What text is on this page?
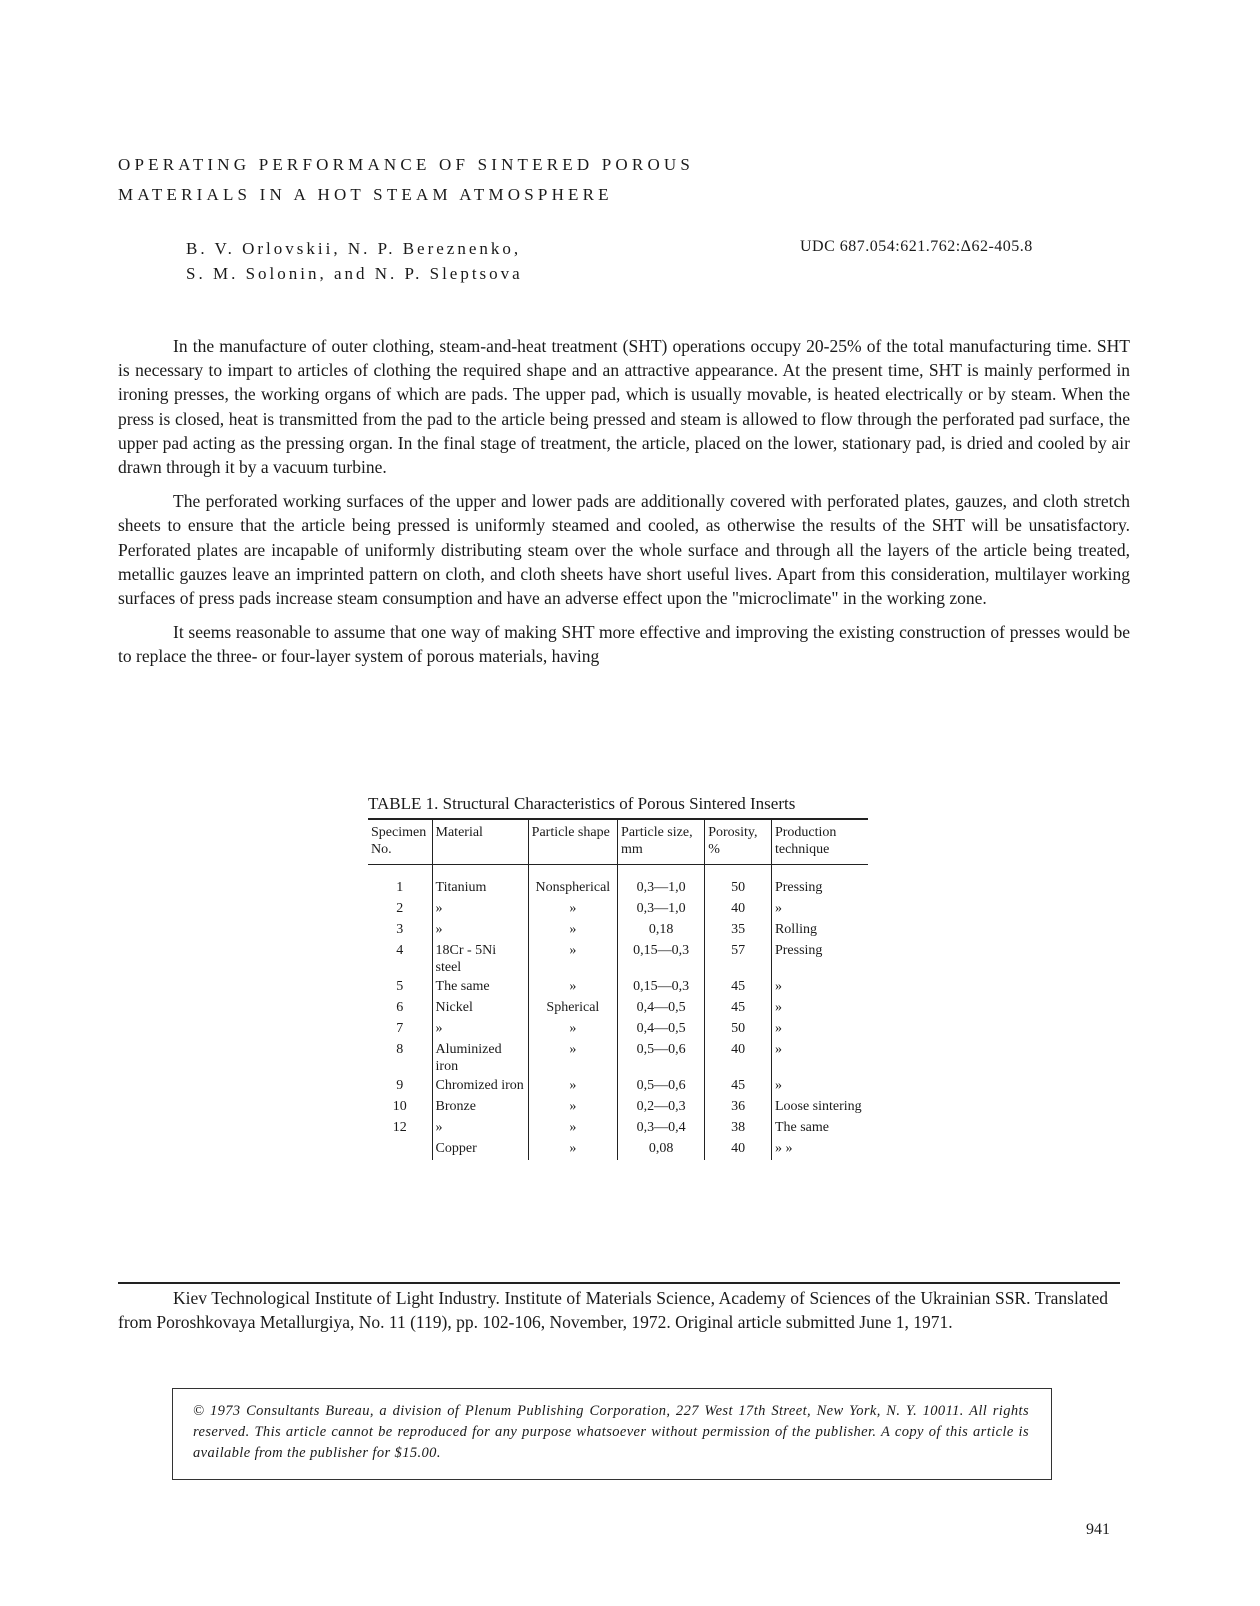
OPERATING PERFORMANCE OF SINTERED POROUS
MATERIALS IN A HOT STEAM ATMOSPHERE
B. V. Orlovskii, N. P. Bereznenko,
S. M. Solonin, and N. P. Sleptsova
UDC 687.054:621.762:Δ62-405.8

In the manufacture of outer clothing, steam-and-heat treatment (SHT) operations occupy 20-25% of the total manufacturing time. SHT is necessary to impart to articles of clothing the required shape and an attractive appearance. At the present time, SHT is mainly performed in ironing presses, the working organs of which are pads. The upper pad, which is usually movable, is heated electrically or by steam. When the press is closed, heat is transmitted from the pad to the article being pressed and steam is allowed to flow through the perforated pad surface, the upper pad acting as the pressing organ. In the final stage of treatment, the article, placed on the lower, stationary pad, is dried and cooled by air drawn through it by a vacuum turbine.

The perforated working surfaces of the upper and lower pads are additionally covered with perforated plates, gauzes, and cloth stretch sheets to ensure that the article being pressed is uniformly steamed and cooled, as otherwise the results of the SHT will be unsatisfactory. Perforated plates are incapable of uniformly distributing steam over the whole surface and through all the layers of the article being treated, metallic gauzes leave an imprinted pattern on cloth, and cloth sheets have short useful lives. Apart from this consideration, multilayer working surfaces of press pads increase steam consumption and have an adverse effect upon the "microclimate" in the working zone.

It seems reasonable to assume that one way of making SHT more effective and improving the existing construction of presses would be to replace the three- or four-layer system of porous materials, having

TABLE 1. Structural Characteristics of Porous Sintered Inserts
Specimen No.	Material	Particle shape	Particle size, mm	Porosity, %	Production technique
1	Titanium	Nonspherical	0,3—1,0	50	Pressing
2	»	»	0,3—1,0	40	»
3	»	»	0,18	35	Rolling
4	18Cr - 5Ni steel	»	0,15—0,3	57	Pressing
5	The same	»	0,15—0,3	45	»
6	Nickel	Spherical	0,4—0,5	45	»
7	»	»	0,4—0,5	50	»
8	Aluminized iron	»	0,5—0,6	40	»
9	Chromized iron	»	0,5—0,6	45	»
10	Bronze	»	0,2—0,3	36	Loose sintering
12	»	»	0,3—0,4	38	The same
	Copper	»	0,08	40	» »

Kiev Technological Institute of Light Industry. Institute of Materials Science, Academy of Sciences of the Ukrainian SSR. Translated from Poroshkovaya Metallurgiya, No. 11 (119), pp. 102-106, November, 1972. Original article submitted June 1, 1971.

© 1973 Consultants Bureau, a division of Plenum Publishing Corporation, 227 West 17th Street, New York, N. Y. 10011. All rights reserved. This article cannot be reproduced for any purpose whatsoever without permission of the publisher. A copy of this article is available from the publisher for $15.00.
941
